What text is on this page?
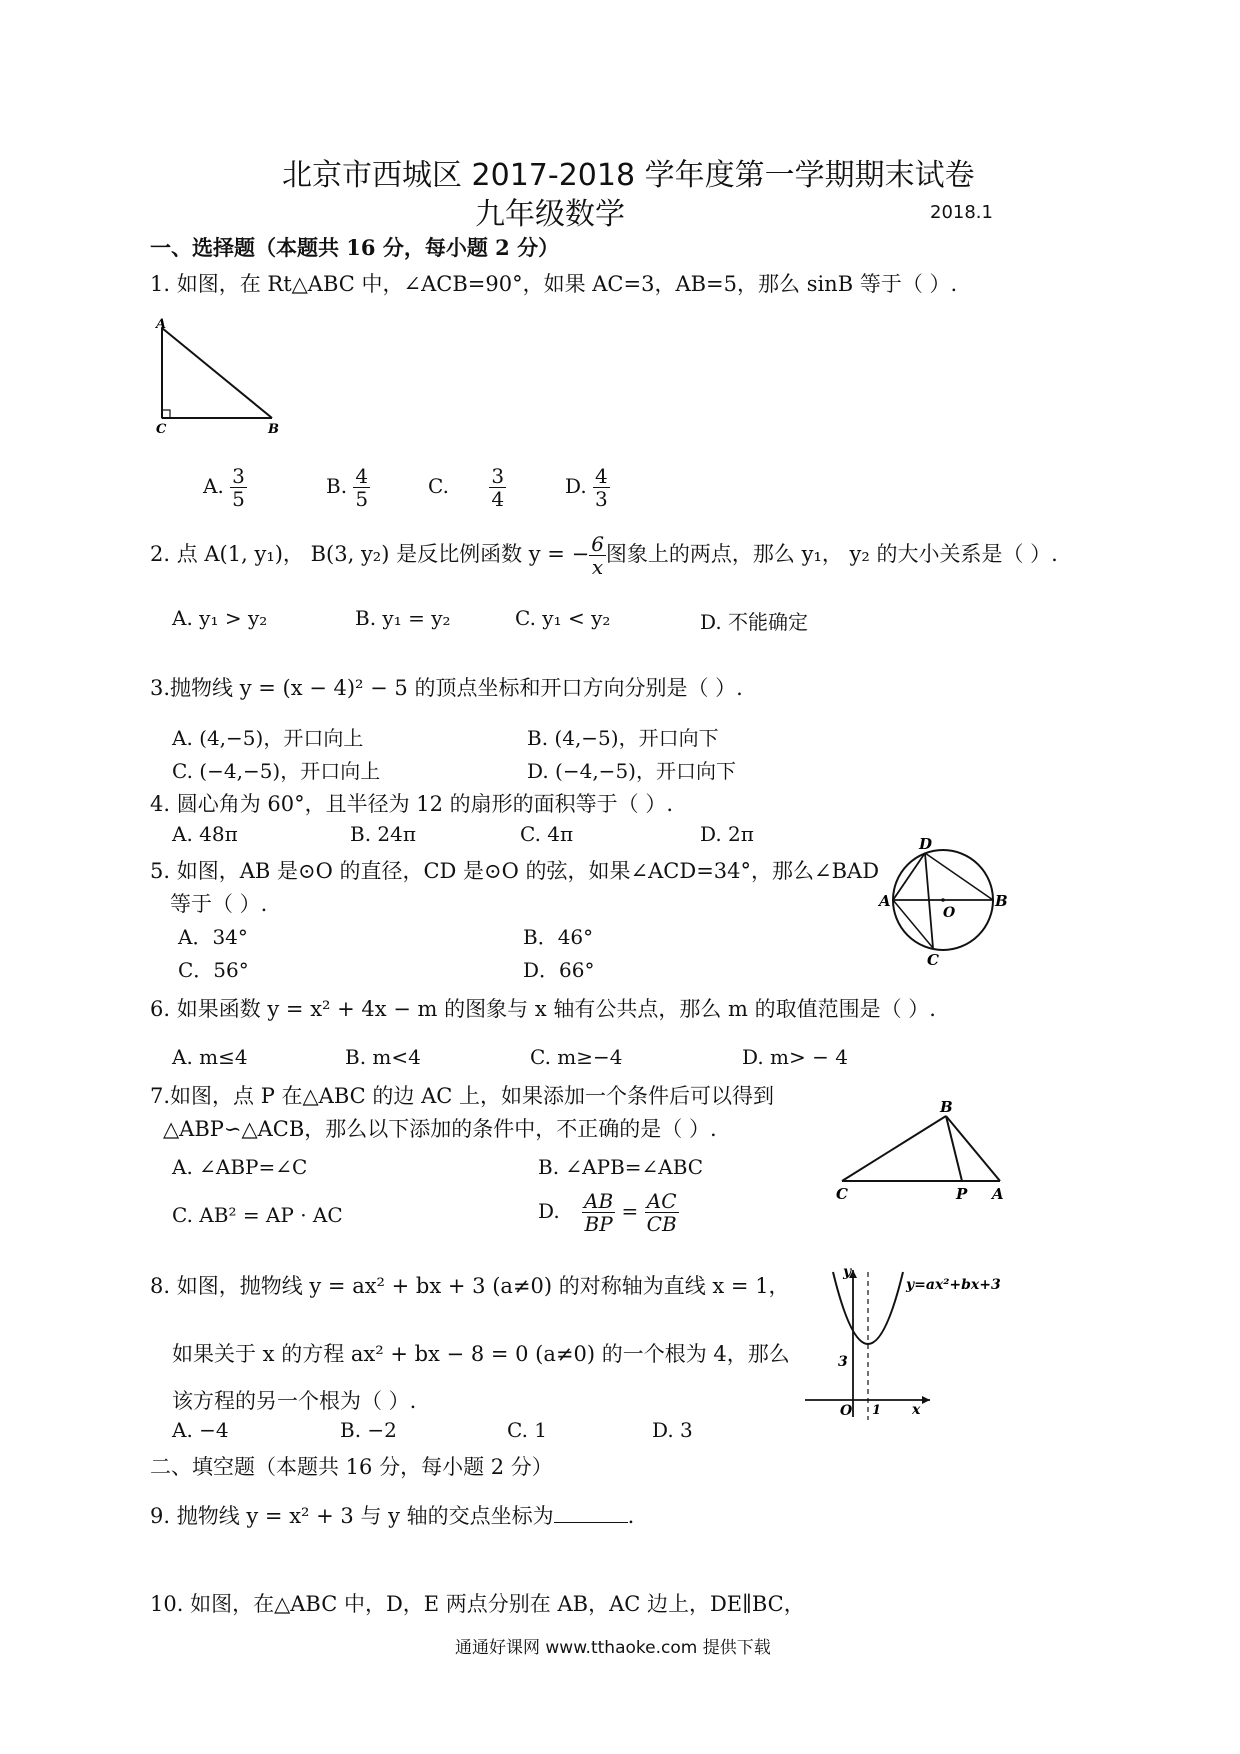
北京市西城区 2017-2018 学年度第一学期期末试卷
九年级数学	2018.1
一、选择题（本题共 16 分，每小题 2 分）
1. 如图，在 Rt△ABC 中，∠ACB=90°，如果 AC=3，AB=5，那么 sinB 等于（ ）.
A
C	B
A. $\frac{3}{5}$	B. $\frac{4}{5}$	C. $\frac{3}{4}$	D. $\frac{4}{3}$
2. 点 A(1, y₁)， B(3, y₂) 是反比例函数 y = − $\frac{6}{x}$ 图象上的两点，那么 y₁， y₂ 的大小关系是（ ）.
A. y₁ > y₂	B. y₁ = y₂	C. y₁ < y₂	D. 不能确定
3.抛物线 y = (x − 4)² − 5 的顶点坐标和开口方向分别是（ ）.
A. (4,−5)，开口向上	B. (4,−5)，开口向下
C. (−4,−5)，开口向上	D. (−4,−5)，开口向下
4. 圆心角为 60°，且半径为 12 的扇形的面积等于（ ）.
A. 48π	B. 24π	C. 4π	D. 2π
5. 如图，AB 是⊙O 的直径，CD 是⊙O 的弦，如果∠ACD=34°，那么∠BAD
等于（ ）.
A．34°	B．46°
C．56°	D．66°
A	B
D
C
O
6. 如果函数 y = x² + 4x − m 的图象与 x 轴有公共点，那么 m 的取值范围是（ ）.
A. m≤4	B. m<4	C. m≥−4	D. m> − 4
7.如图，点 P 在△ABC 的边 AC 上，如果添加一个条件后可以得到
△ABP∽△ACB，那么以下添加的条件中，不正确的是（ ）.
A. ∠ABP=∠C	B. ∠APB=∠ABC
C. AB² = AP · AC	D. $\frac{AB}{BP} = \frac{AC}{CB}$
B
C	P A
8. 如图，抛物线 y = ax² + bx + 3 (a≠0) 的对称轴为直线 x = 1，
如果关于 x 的方程 ax² + bx − 8 = 0 (a≠0) 的一个根为 4，那么
该方程的另一个根为（ ）.
A. −4	B. −2	C. 1	D. 3
y
x
O
3
1
y=ax²+bx+3
二、填空题（本题共 16 分，每小题 2 分）
9. 抛物线 y = x² + 3 与 y 轴的交点坐标为	.
10. 如图，在△ABC 中，D，E 两点分别在 AB，AC 边上，DE∥BC，
通通好课网 www.tthaoke.com 提供下载
